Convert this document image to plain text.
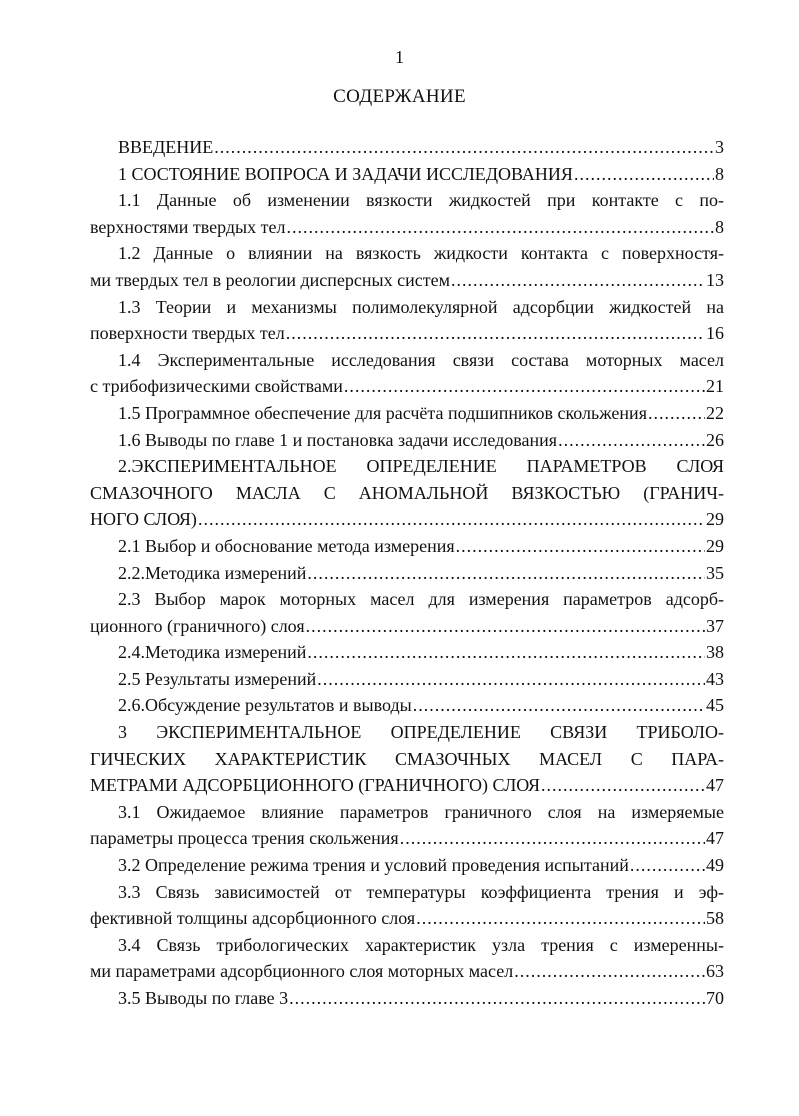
1
СОДЕРЖАНИЕ
ВВЕДЕНИЕ .....	3
1 СОСТОЯНИЕ ВОПРОСА И ЗАДАЧИ ИССЛЕДОВАНИЯ .....	8
1.1 Данные об изменении вязкости жидкостей при контакте с по-
верхностями твердых тел .....	8
1.2 Данные о влиянии на вязкость жидкости контакта с поверхностя-
ми твердых тел в реологии дисперсных систем .....	13
1.3 Теории и механизмы полимолекулярной адсорбции жидкостей на
поверхности твердых тел .....	16
1.4 Экспериментальные исследования связи состава моторных масел
с трибофизическими свойствами .....	21
1.5 Программное обеспечение для расчёта подшипников скольжения .....	22
1.6 Выводы по главе 1 и постановка задачи исследования .....	26
2.ЭКСПЕРИМЕНТАЛЬНОЕ ОПРЕДЕЛЕНИЕ ПАРАМЕТРОВ СЛОЯ
СМАЗОЧНОГО МАСЛА С АНОМАЛЬНОЙ ВЯЗКОСТЬЮ (ГРАНИЧ-
НОГО СЛОЯ) .....	29
2.1 Выбор и обоснование метода измерения .....	29
2.2.Методика измерений .....	35
2.3 Выбор марок моторных масел для измерения параметров адсорб-
ционного (граничного) слоя .....	37
2.4.Методика измерений .....	38
2.5 Результаты измерений .....	43
2.6.Обсуждение результатов и выводы .....	45
3 ЭКСПЕРИМЕНТАЛЬНОЕ ОПРЕДЕЛЕНИЕ СВЯЗИ ТРИБОЛО-
ГИЧЕСКИХ ХАРАКТЕРИСТИК СМАЗОЧНЫХ МАСЕЛ С ПАРА-
МЕТРАМИ АДСОРБЦИОННОГО (ГРАНИЧНОГО) СЛОЯ .....	47
3.1 Ожидаемое влияние параметров граничного слоя на измеряемые
параметры процесса трения скольжения .....	47
3.2 Определение режима трения и условий проведения испытаний .....	49
3.3 Связь зависимостей от температуры коэффициента трения и эф-
фективной толщины адсорбционного слоя .....	58
3.4 Связь трибологических характеристик узла трения с измеренны-
ми параметрами адсорбционного слоя моторных масел .....	63
3.5 Выводы по главе 3 .....	70
